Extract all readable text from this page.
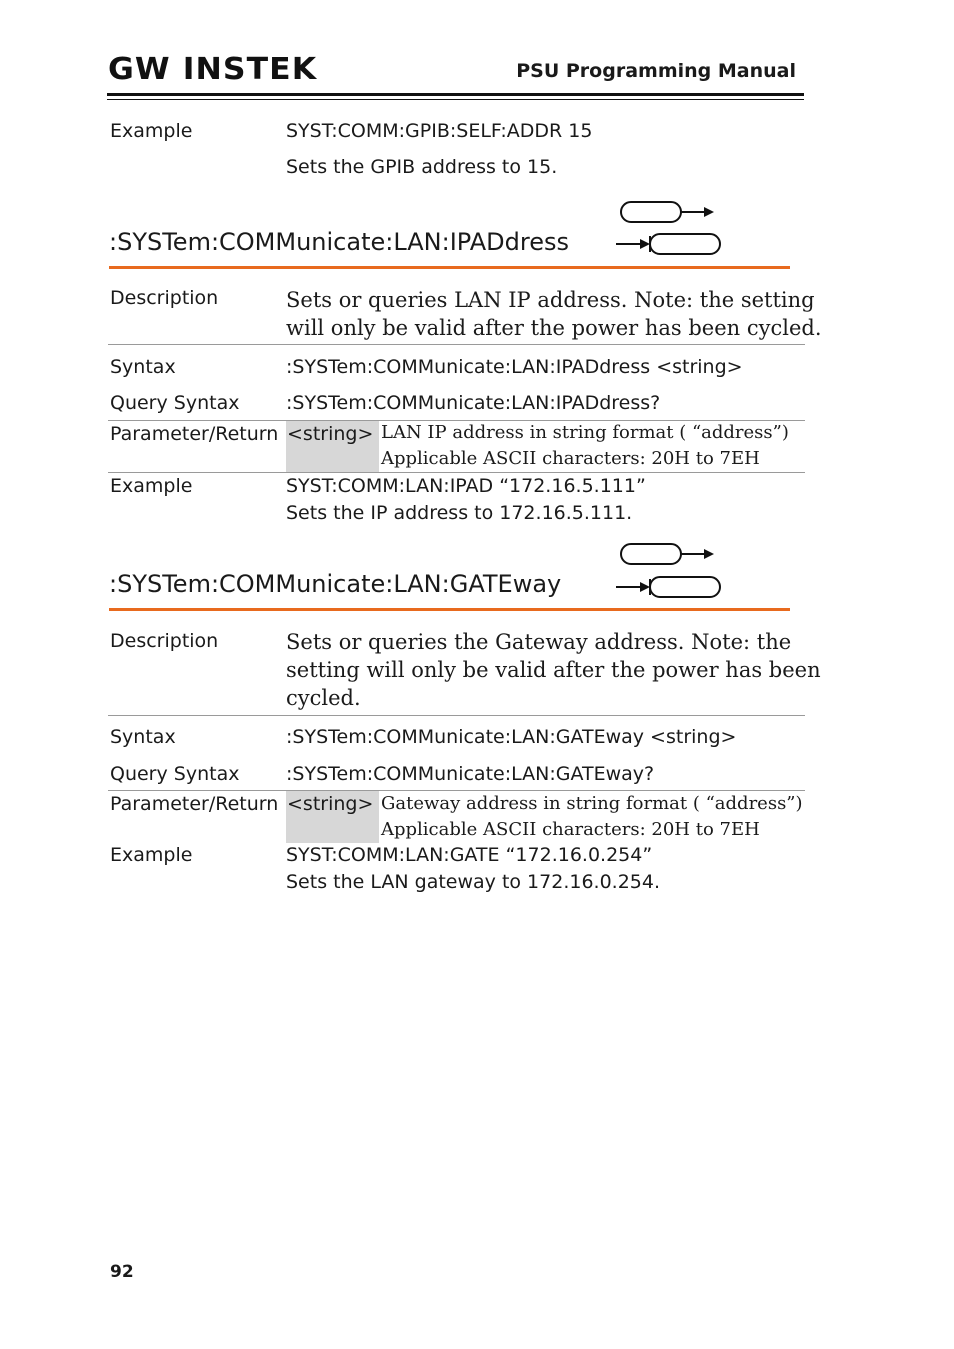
GW INSTEK	PSU Programming Manual
Example	SYST:COMM:GPIB:SELF:ADDR 15
Sets the GPIB address to 15.
:SYSTem:COMMunicate:LAN:IPADdress
Description	Sets or queries LAN IP address. Note: the setting
will only be valid after the power has been cycled.
Syntax	:SYSTem:COMMunicate:LAN:IPADdress <string>
Query Syntax :SYSTem:COMMunicate:LAN:IPADdress?
Parameter/Return <string> LAN IP address in string format ( “address”)
Applicable ASCII characters: 20H to 7EH
Example	SYST:COMM:LAN:IPAD “172.16.5.111”
Sets the IP address to 172.16.5.111.
:SYSTem:COMMunicate:LAN:GATEway
Description	Sets or queries the Gateway address. Note: the
setting will only be valid after the power has been
cycled.
Syntax	:SYSTem:COMMunicate:LAN:GATEway <string>
Query Syntax :SYSTem:COMMunicate:LAN:GATEway?
Parameter/Return <string> Gateway address in string format ( “address”)
Applicable ASCII characters: 20H to 7EH
Example	SYST:COMM:LAN:GATE “172.16.0.254”
Sets the LAN gateway to 172.16.0.254.
92
